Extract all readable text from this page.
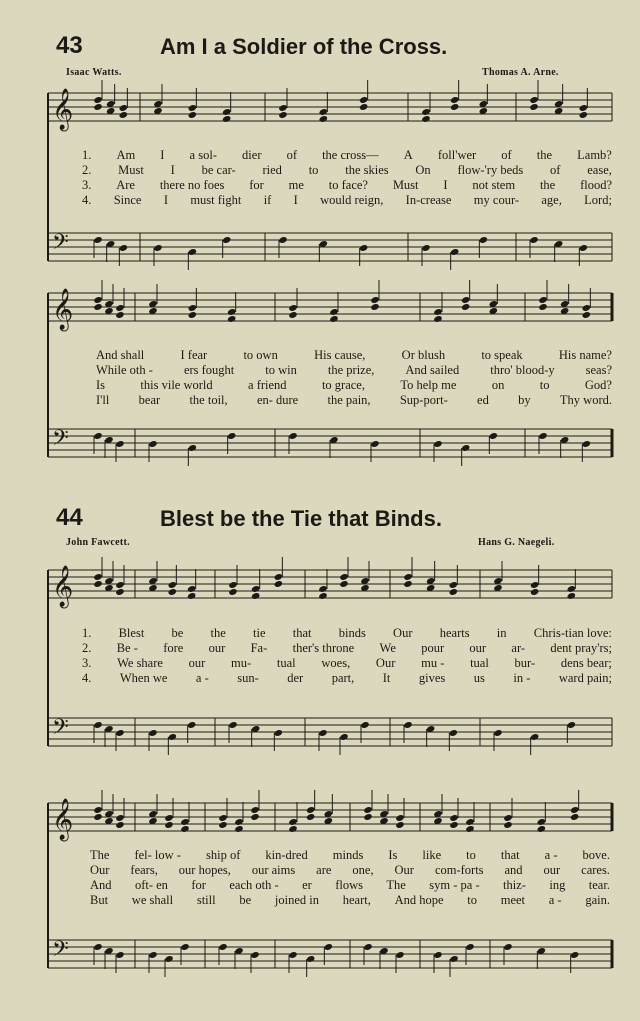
43	Am I a Soldier of the Cross.
Isaac Watts.	Thomas A. Arne.
𝄞
𝄢
𝄞
𝄢
𝄞
𝄢
𝄞
𝄢
1. Am I a sol- dier of the cross— A foll'wer of the Lamb?
2. Must I be car- ried to the skies On flow-'ry beds of ease,
3. Are there no foes for me to face? Must I not stem the flood?
4. Since I must fight if I would reign, In-crease my cour- age, Lord;
And shall	I fear	to own	His cause,	Or blush	to speak	His name?
While oth - ers fought to win the prize, And sailed thro' blood-y seas?
Is	this vile world	a friend	to grace,	To help me	on	to	God?
I'll bear the toil, en- dure the pain, Sup-port- ed by Thy word.
44	Blest be the Tie that Binds.
John Fawcett.	Hans G. Naegeli.
1. Blest be the tie that binds Our hearts in Chris-tian love:
2. Be - fore our Fa- ther's throne We pour our ar- dent pray'rs;
3. We share our mu- tual woes, Our mu - tual bur- dens bear;
4. When we a - sun- der part, It gives us in - ward pain;
The fel- low - ship of kin-dred minds Is like to that a - bove.
Our fears, our hopes, our aims are one, Our com-forts and our cares.
And oft- en for each oth - er flows The sym - pa - thiz- ing tear.
But we shall still be joined in heart, And hope to meet a - gain.
